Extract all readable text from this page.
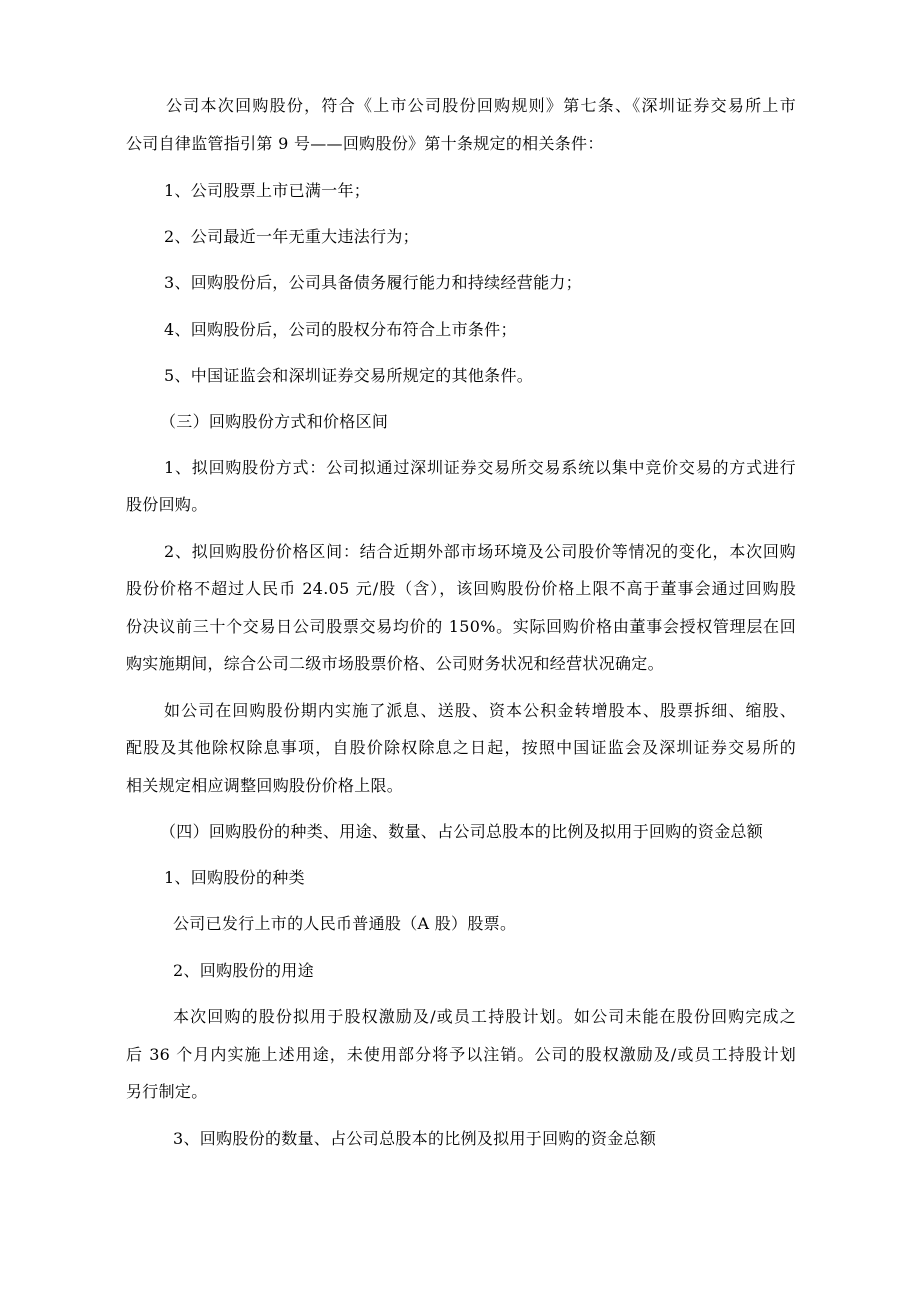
公司本次回购股份，符合《上市公司股份回购规则》第七条、《深圳证券交易所上市
公司自律监管指引第 9 号——回购股份》第十条规定的相关条件：
1、公司股票上市已满一年；
2、公司最近一年无重大违法行为；
3、回购股份后，公司具备债务履行能力和持续经营能力；
4、回购股份后，公司的股权分布符合上市条件；
5、中国证监会和深圳证券交易所规定的其他条件。
（三）回购股份方式和价格区间
1、拟回购股份方式：公司拟通过深圳证券交易所交易系统以集中竞价交易的方式进行
股份回购。
2、拟回购股份价格区间：结合近期外部市场环境及公司股价等情况的变化，本次回购
股份价格不超过人民币 24.05 元/股（含），该回购股份价格上限不高于董事会通过回购股
份决议前三十个交易日公司股票交易均价的 150%。实际回购价格由董事会授权管理层在回
购实施期间，综合公司二级市场股票价格、公司财务状况和经营状况确定。
如公司在回购股份期内实施了派息、送股、资本公积金转增股本、股票拆细、缩股、
配股及其他除权除息事项，自股价除权除息之日起，按照中国证监会及深圳证券交易所的
相关规定相应调整回购股份价格上限。
（四）回购股份的种类、用途、数量、占公司总股本的比例及拟用于回购的资金总额
1、回购股份的种类
公司已发行上市的人民币普通股（A 股）股票。
2、回购股份的用途
本次回购的股份拟用于股权激励及/或员工持股计划。如公司未能在股份回购完成之
后 36 个月内实施上述用途，未使用部分将予以注销。公司的股权激励及/或员工持股计划
另行制定。
3、回购股份的数量、占公司总股本的比例及拟用于回购的资金总额
